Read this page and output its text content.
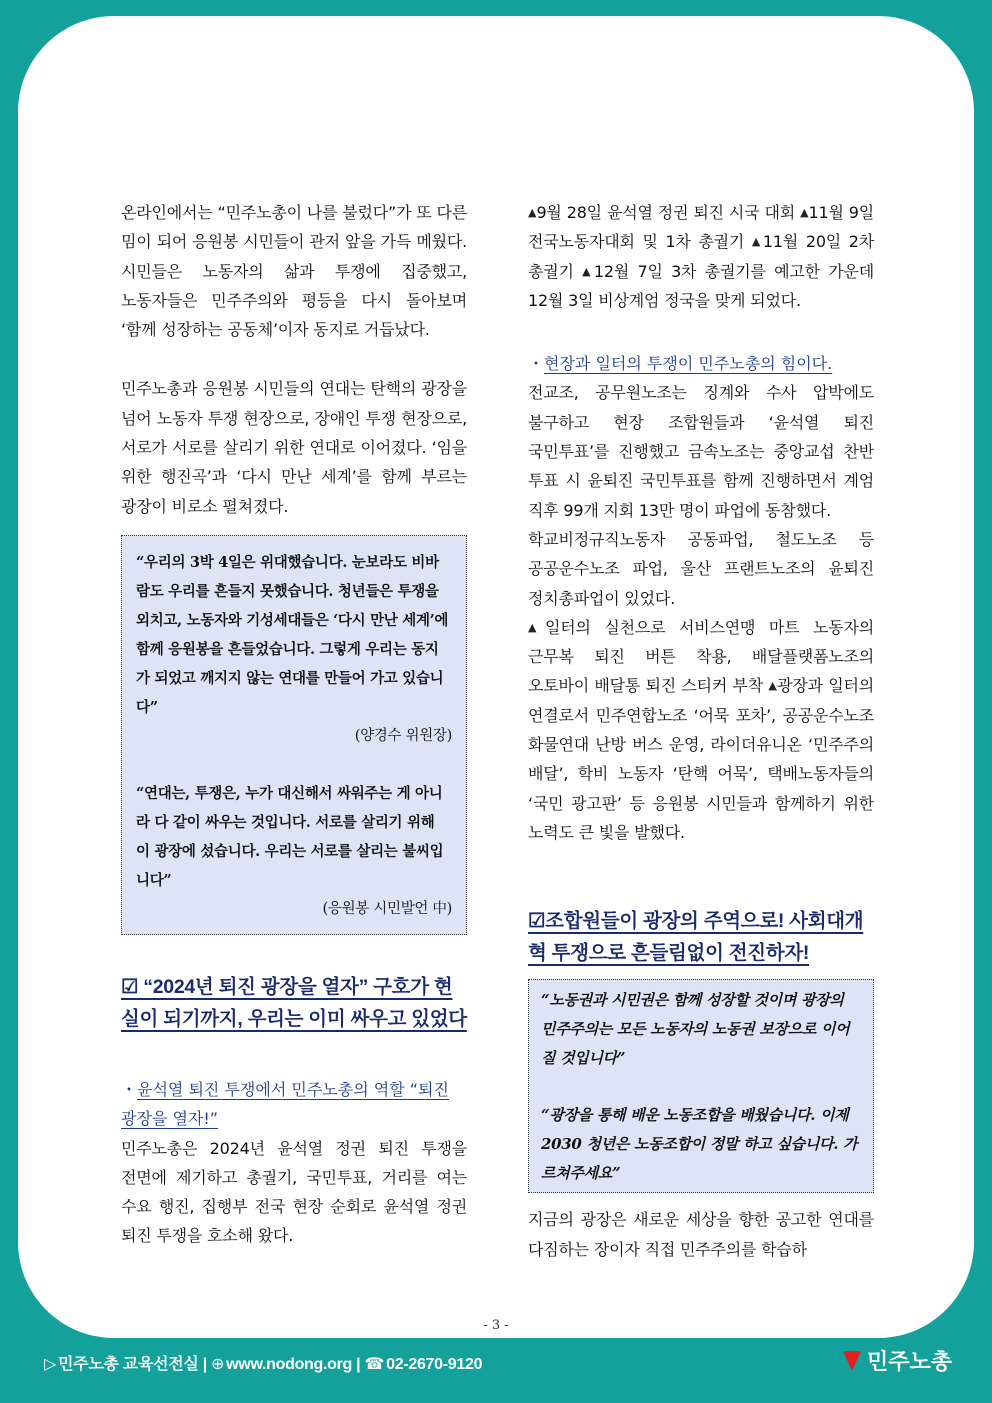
온라인에서는 “민주노총이 나를 불렀다”가 또 다른 밈이 되어 응원봉 시민들이 관저 앞을 가득 메웠다. 시민들은 노동자의 삶과 투쟁에 집중했고, 노동자들은 민주주의와 평등을 다시 돌아보며 ‘함께 성장하는 공동체’이자 동지로 거듭났다.

민주노총과 응원봉 시민들의 연대는 탄핵의 광장을 넘어 노동자 투쟁 현장으로, 장애인 투쟁 현장으로, 서로가 서로를 살리기 위한 연대로 이어졌다. ‘임을 위한 행진곡’과 ‘다시 만난 세계’를 함께 부르는 광장이 비로소 펼쳐졌다.

“우리의 3박 4일은 위대했습니다. 눈보라도 비바람도 우리를 흔들지 못했습니다. 청년들은 투쟁을 외치고, 노동자와 기성세대들은 ‘다시 만난 세계’에 함께 응원봉을 흔들었습니다. 그렇게 우리는 동지가 되었고 깨지지 않는 연대를 만들어 가고 있습니다”

(양경수 위원장)

“연대는, 투쟁은, 누가 대신해서 싸워주는 게 아니라 다 같이 싸우는 것입니다. 서로를 살리기 위해 이 광장에 섰습니다. 우리는 서로를 살리는 불씨입니다”

(응원봉 시민발언 中)

☑ “2024년 퇴진 광장을 열자” 구호가 현실이 되기까지, 우리는 이미 싸우고 있었다

・윤석열 퇴진 투쟁에서 민주노총의 역할 “퇴진 광장을 열자!”

민주노총은 2024년 윤석열 정권 퇴진 투쟁을 전면에 제기하고 총궐기, 국민투표, 거리를 여는 수요 행진, 집행부 전국 현장 순회로 윤석열 정권 퇴진 투쟁을 호소해 왔다.

▲9월 28일 윤석열 정권 퇴진 시국 대회 ▲11월 9일 전국노동자대회 및 1차 총궐기 ▲11월 20일 2차 총궐기 ▲12월 7일 3차 총궐기를 예고한 가운데 12월 3일 비상계엄 정국을 맞게 되었다.

・현장과 일터의 투쟁이 민주노총의 힘이다.

전교조, 공무원노조는 징계와 수사 압박에도 불구하고 현장 조합원들과 ‘윤석열 퇴진 국민투표’를 진행했고 금속노조는 중앙교섭 찬반 투표 시 윤퇴진 국민투표를 함께 진행하면서 계엄 직후 99개 지회 13만 명이 파업에 동참했다.

학교비정규직노동자 공동파업, 철도노조 등 공공운수노조 파업, 울산 프랜트노조의 윤퇴진 정치총파업이 있었다.

▲일터의 실천으로 서비스연맹 마트 노동자의 근무복 퇴진 버튼 착용, 배달플랫폼노조의 오토바이 배달통 퇴진 스티커 부착 ▲광장과 일터의 연결로서 민주연합노조 ‘어묵 포차’, 공공운수노조 화물연대 난방 버스 운영, 라이더유니온 ‘민주주의 배달’, 학비 노동자 ‘탄핵 어묵’, 택배노동자들의 ‘국민 광고판’ 등 응원봉 시민들과 함께하기 위한 노력도 큰 빛을 발했다.

☑조합원들이 광장의 주역으로! 사회대개혁 투쟁으로 흔들림없이 전진하자!

“노동권과 시민권은 함께 성장할 것이며 광장의 민주주의는 모든 노동자의 노동권 보장으로 이어질 것입니다”

“광장을 통해 배운 노동조합을 배웠습니다. 이제 2030 청년은 노동조합이 정말 하고 싶습니다. 가르쳐주세요”

지금의 광장은 새로운 세상을 향한 공고한 연대를 다짐하는 장이자 직접 민주주의를 학습하

- 3 -
▷ 민주노총 교육선전실 | ⊕ www.nodong.org | ☎ 02-2670-9120	민주노총
